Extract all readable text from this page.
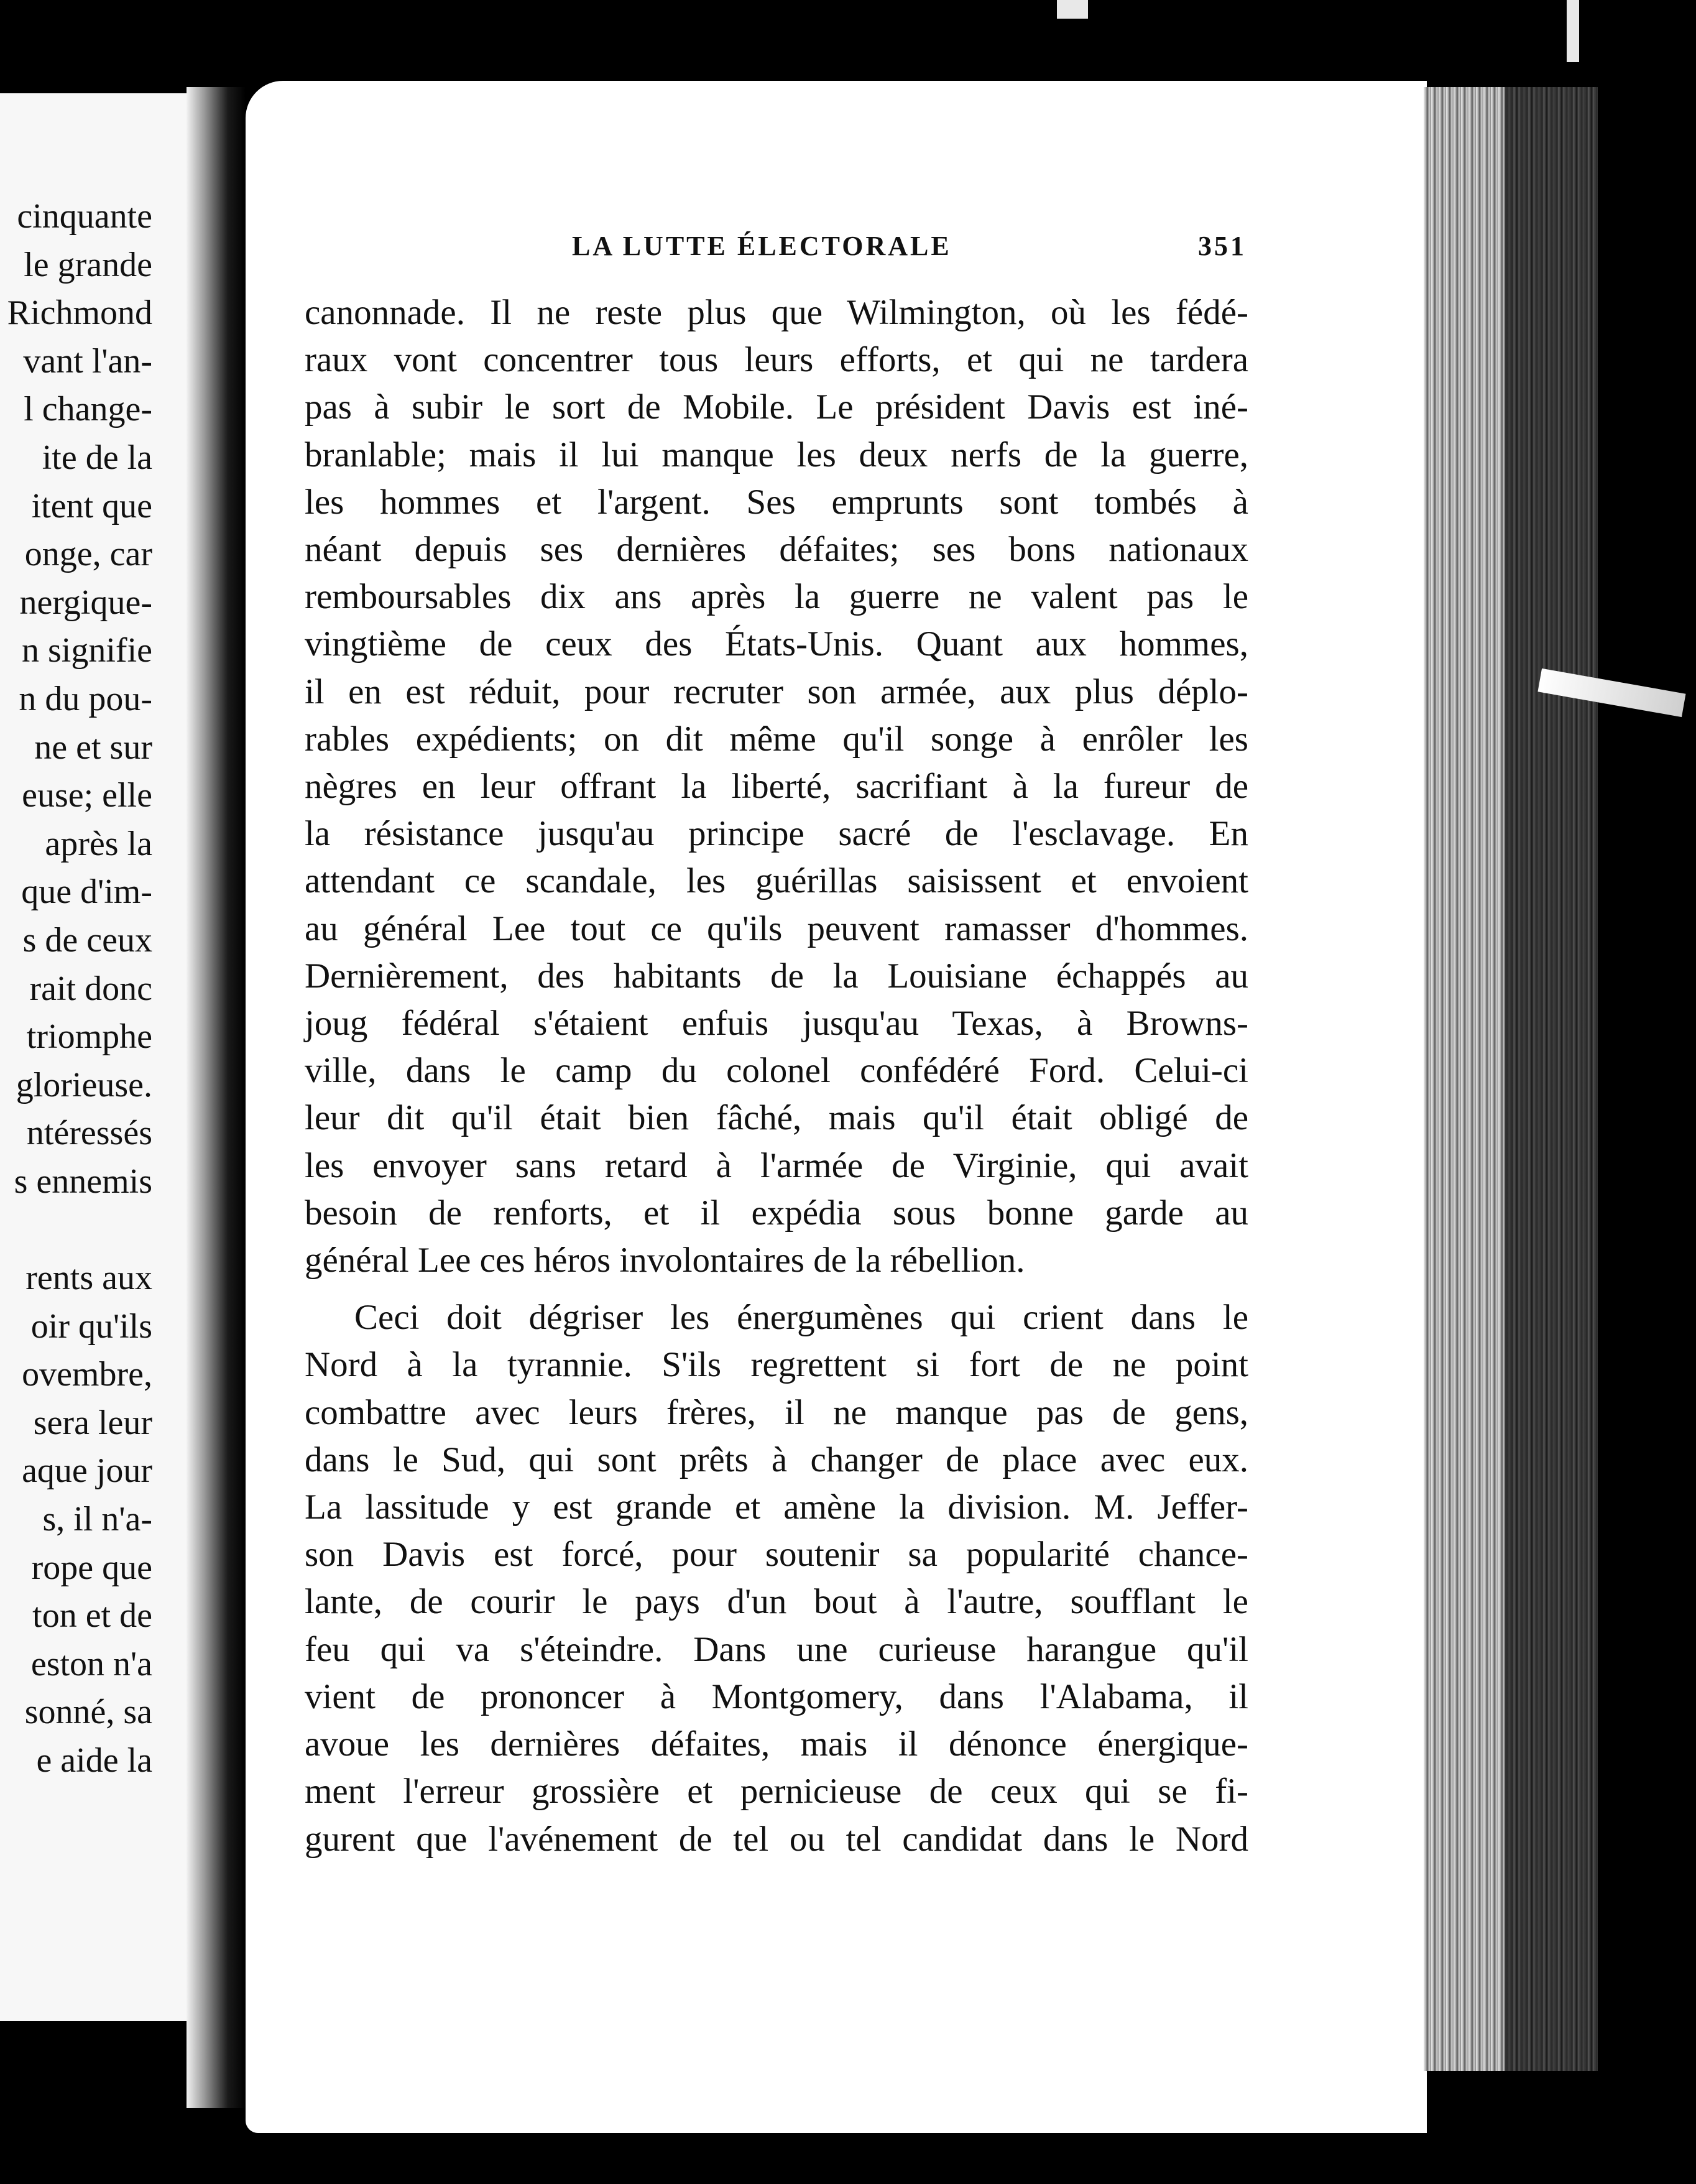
cinquante
le grande
Richmond
vant l'an-
l change-
ite de la
itent que
onge, car
nergique-
n signifie
n du pou-
ne et sur
euse; elle
après la
que d'im-
s de ceux
rait donc
triomphe
glorieuse.
ntéressés
s ennemis

rents aux
oir qu'ils
ovembre,
sera leur
aque jour
s, il n'a-
rope que
ton et de
eston n'a
sonné, sa
e aide la
LA LUTTE ÉLECTORALE	351
canonnade. Il ne reste plus que Wilmington, où les fédé-
raux vont concentrer tous leurs efforts, et qui ne tardera
pas à subir le sort de Mobile. Le président Davis est iné-
branlable; mais il lui manque les deux nerfs de la guerre,
les hommes et l'argent. Ses emprunts sont tombés à
néant depuis ses dernières défaites; ses bons nationaux
remboursables dix ans après la guerre ne valent pas le
vingtième de ceux des États-Unis. Quant aux hommes,
il en est réduit, pour recruter son armée, aux plus déplo-
rables expédients; on dit même qu'il songe à enrôler les
nègres en leur offrant la liberté, sacrifiant à la fureur de
la résistance jusqu'au principe sacré de l'esclavage. En
attendant ce scandale, les guérillas saisissent et envoient
au général Lee tout ce qu'ils peuvent ramasser d'hommes.
Dernièrement, des habitants de la Louisiane échappés au
joug fédéral s'étaient enfuis jusqu'au Texas, à Browns-
ville, dans le camp du colonel confédéré Ford. Celui-ci
leur dit qu'il était bien fâché, mais qu'il était obligé de
les envoyer sans retard à l'armée de Virginie, qui avait
besoin de renforts, et il expédia sous bonne garde au
général Lee ces héros involontaires de la rébellion.
Ceci doit dégriser les énergumènes qui crient dans le
Nord à la tyrannie. S'ils regrettent si fort de ne point
combattre avec leurs frères, il ne manque pas de gens,
dans le Sud, qui sont prêts à changer de place avec eux.
La lassitude y est grande et amène la division. M. Jeffer-
son Davis est forcé, pour soutenir sa popularité chance-
lante, de courir le pays d'un bout à l'autre, soufflant le
feu qui va s'éteindre. Dans une curieuse harangue qu'il
vient de prononcer à Montgomery, dans l'Alabama, il
avoue les dernières défaites, mais il dénonce énergique-
ment l'erreur grossière et pernicieuse de ceux qui se fi-
gurent que l'avénement de tel ou tel candidat dans le Nord
